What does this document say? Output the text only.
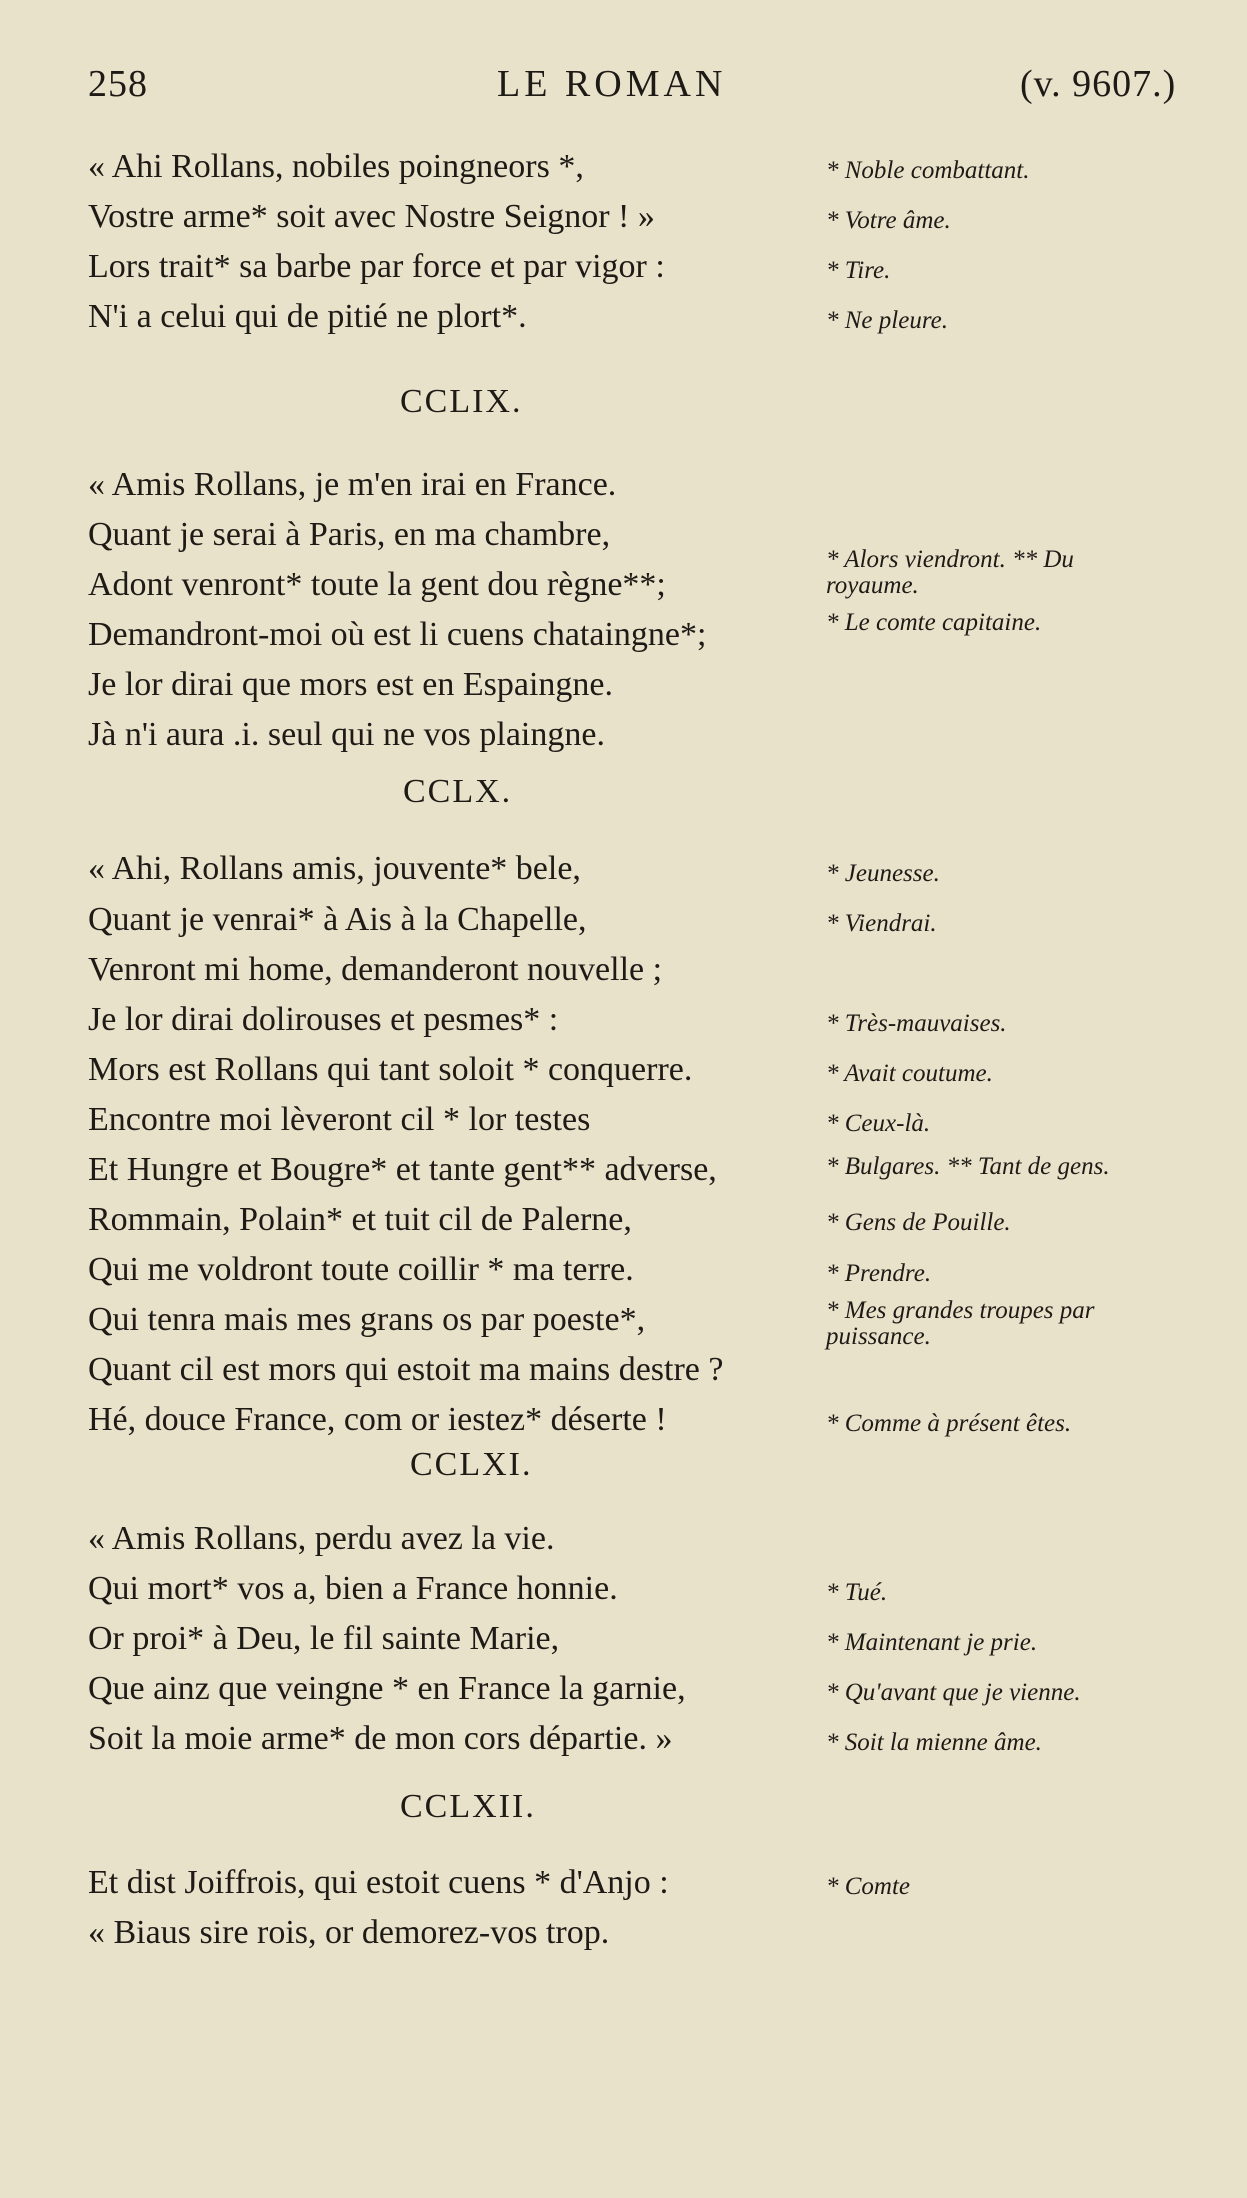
258	LE ROMAN	(v. 9607.)
« Ahi Rollans, nobiles poingneors *,
Vostre arme* soit avec Nostre Seignor ! »
Lors trait* sa barbe par force et par vigor :
N'i a celui qui de pitié ne plort*.
* Noble combattant.
* Votre âme.
* Tire.
* Ne pleure.
CCLIX.
« Amis Rollans, je m'en irai en France.
Quant je serai à Paris, en ma chambre,
Adont venront* toute la gent dou règne**;
Demandront-moi où est li cuens chataingne*;
Je lor dirai que mors est en Espaingne.
Jà n'i aura .i. seul qui ne vos plaingne.
* Alors viendront. ** Du royaume.
* Le comte capitaine.
CCLX.
« Ahi, Rollans amis, jouvente* bele,
Quant je venrai* à Ais à la Chapelle,
Venront mi home, demanderont nouvelle ;
Je lor dirai dolirouses et pesmes* :
Mors est Rollans qui tant soloit * conquerre.
Encontre moi lèveront cil * lor testes
Et Hungre et Bougre* et tante gent** adverse,
Rommain, Polain* et tuit cil de Palerne,
Qui me voldront toute coillir * ma terre.
Qui tenra mais mes grans os par poeste*,
Quant cil est mors qui estoit ma mains destre ?
Hé, douce France, com or iestez* déserte !
* Jeunesse.
* Viendrai.
* Très-mauvaises.
* Avait coutume.
* Ceux-là.
* Bulgares. ** Tant de gens.
* Gens de Pouille.
* Prendre.
* Mes grandes troupes par puissance.
* Comme à présent êtes.
CCLXI.
« Amis Rollans, perdu avez la vie.
Qui mort* vos a, bien a France honnie.
Or proi* à Deu, le fil sainte Marie,
Que ainz que veingne * en France la garnie,
Soit la moie arme* de mon cors départie. »
* Tué.
* Maintenant je prie.
* Qu'avant que je vienne.
* Soit la mienne âme.
CCLXII.
Et dist Joiffrois, qui estoit cuens * d'Anjo :
« Biaus sire rois, or demorez-vos trop.
* Comte
